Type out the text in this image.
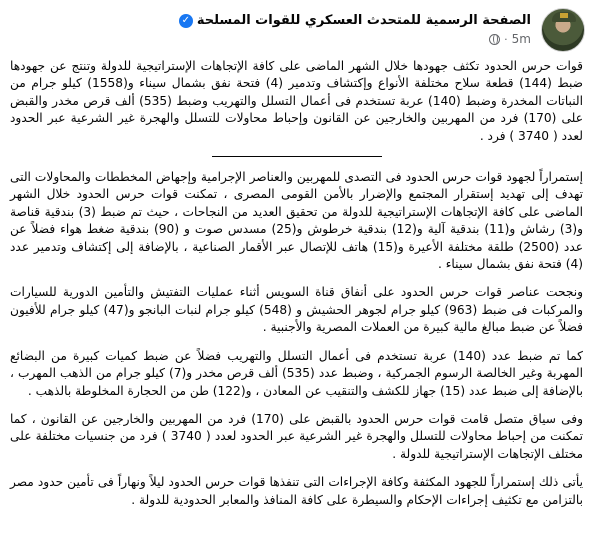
الصفحة الرسمية للمتحدث العسكري للقوات المسلحة
✓
5m
·

قوات حرس الحدود تكثف جهودها خلال الشهر الماضى على كافة الإتجاهات الإستراتيجية للدولة وتنتج عن جهودها ضبط (144) قطعة سلاح مختلفة الأنواع وإكتشاف وتدمير (4) فتحة نفق بشمال سيناء و(1558) كيلو جرام من النباتات المخدرة وضبط (140) عربة تستخدم فى أعمال التسلل والتهريب وضبط (535) ألف قرص مخدر والقبض على (170) فرد من المهربين والخارجين عن القانون وإحباط محاولات للتسلل والهجرة غير الشرعية عبر الحدود لعدد ( 3740 ) فرد .

إستمراراً لجهود قوات حرس الحدود فى التصدى للمهربين والعناصر الإجرامية وإجهاض المخططات والمحاولات التى تهدف إلى تهديد إستقرار المجتمع والإضرار بالأمن القومى المصرى ، تمكنت قوات حرس الحدود خلال الشهر الماضى على كافة الإتجاهات الإستراتيجية للدولة من تحقيق العديد من النجاحات ، حيث تم ضبط (3) بندقية قناصة و(3) رشاش و(11) بندقية آلية و(12) بندقية خرطوش و(25) مسدس صوت و (90) بندقية ضغط هواء فضلاً عن عدد (2500) طلقة مختلفة الأعيرة و(15) هاتف للإتصال عبر الأقمار الصناعية ، بالإضافة إلى إكتشاف وتدمير عدد (4) فتحة نفق بشمال سيناء .

ونجحت عناصر قوات حرس الحدود على أنفاق قناة السويس أثناء عمليات التفتيش والتأمين الدورية للسيارات والمركبات فى ضبط (963) كيلو جرام لجوهر الحشيش و (548) كيلو جرام لنبات البانجو و(47) كيلو جرام للأفيون فضلاً عن ضبط مبالغ مالية كبيرة من العملات المصرية والأجنبية .

كما تم ضبط عدد (140) عربة تستخدم فى أعمال التسلل والتهريب فضلاً عن ضبط كميات كبيرة من البضائع المهربة وغير الخالصة الرسوم الجمركية ، وضبط عدد (535) ألف قرص مخدر و(7) كيلو جرام من الذهب المهرب ، بالإضافة إلى ضبط عدد (15) جهاز للكشف والتنقيب عن المعادن ، و(122) طن من الحجارة المخلوطة بالذهب .

وفى سياق متصل قامت قوات حرس الحدود بالقبض على (170) فرد من المهربين والخارجين عن القانون ، كما تمكنت من إحباط محاولات للتسلل والهجرة غير الشرعية عبر الحدود لعدد ( 3740 ) فرد من جنسيات مختلفة على مختلف الإتجاهات الإستراتيجية للدولة .

يأتى ذلك إستمراراً للجهود المكثفة وكافة الإجراءات التى تنفذها قوات حرس الحدود ليلاً ونهاراً فى تأمين حدود مصر بالتزامن مع تكثيف إجراءات الإحكام والسيطرة على كافة المنافذ والمعابر الحدودية للدولة .
